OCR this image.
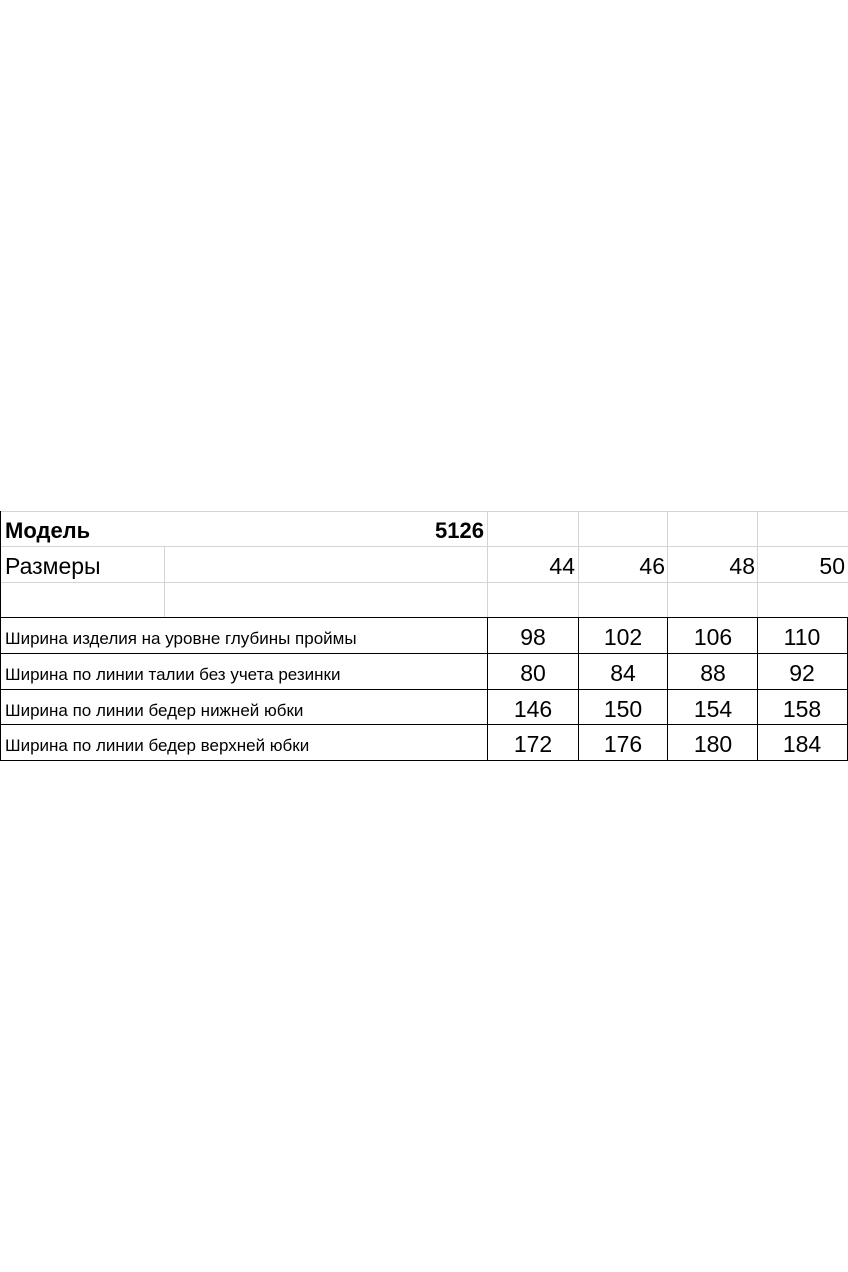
Модель	5126
Размеры	44	46	48	50
Ширина изделия на уровне глубины проймы	98	102	106	110
Ширина по линии талии без учета резинки	80	84	88	92
Ширина по линии бедер нижней юбки	146	150	154	158
Ширина по линии бедер верхней юбки	172	176	180	184
